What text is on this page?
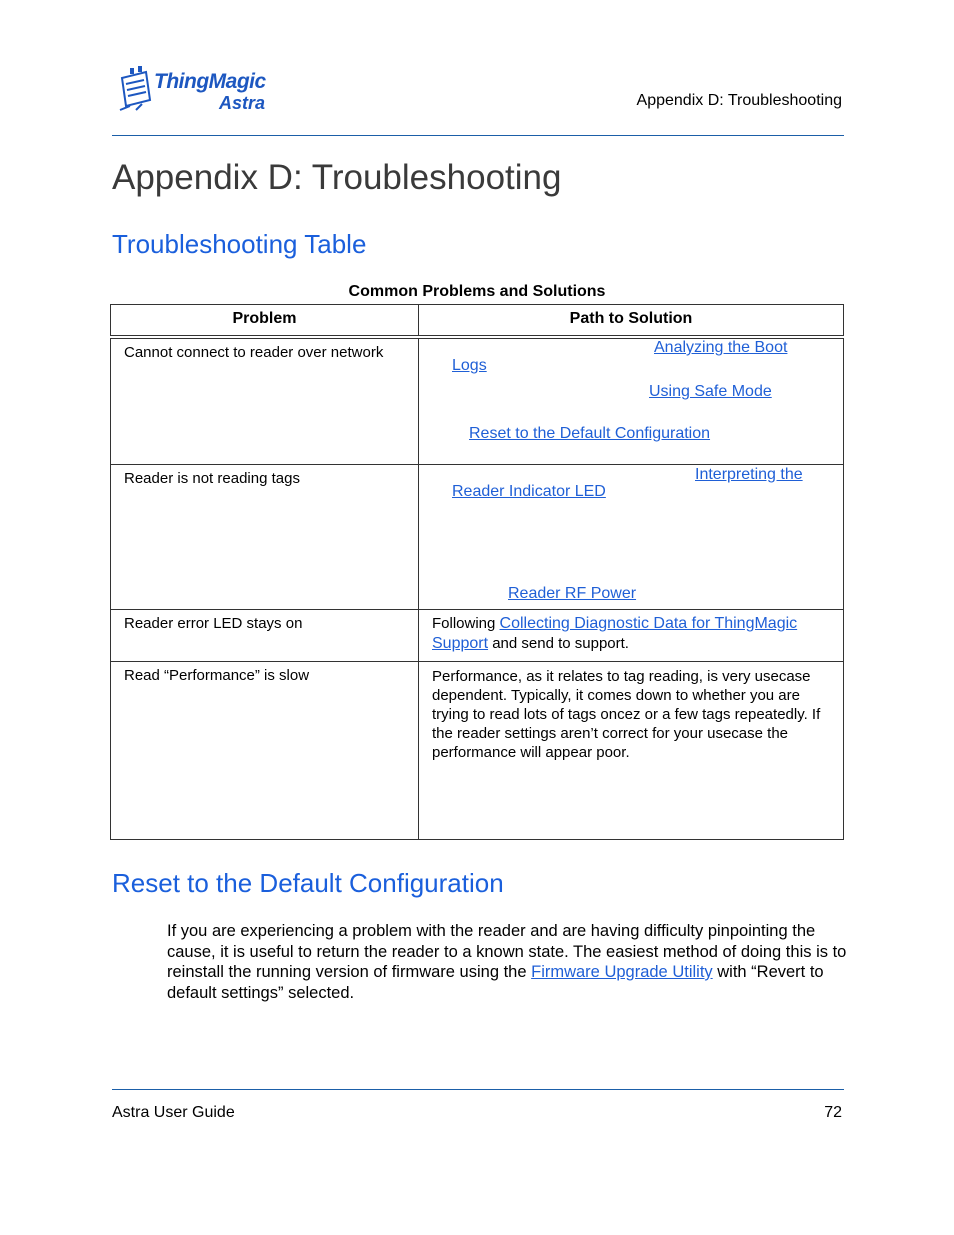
ThingMagic
Astra	Appendix D: Troubleshooting
Appendix D: Troubleshooting
Troubleshooting Table
Common Problems and Solutions
Problem	Path to Solution

Cannot connect to reader over network	Analyzing the Boot
Logs
Using Safe Mode
Reset to the Default Configuration

Reader is not reading tags	Interpreting the
Reader Indicator LED
Reader RF Power

Reader error LED stays on	Following Collecting Diagnostic Data for ThingMagic
Support and send to support.

Read “Performance” is slow	Performance, as it relates to tag reading, is very usecase dependent. Typically, it comes down to whether you are trying to read lots of tags oncez or a few tags repeatedly. If the reader settings aren’t correct for your usecase the performance will appear poor.
Reset to the Default Configuration
If you are experiencing a problem with the reader and are having difficulty pinpointing the cause, it is useful to return the reader to a known state. The easiest method of doing this is to reinstall the running version of firmware using the Firmware Upgrade Utility with “Revert to default settings” selected.
Astra User Guide	72
